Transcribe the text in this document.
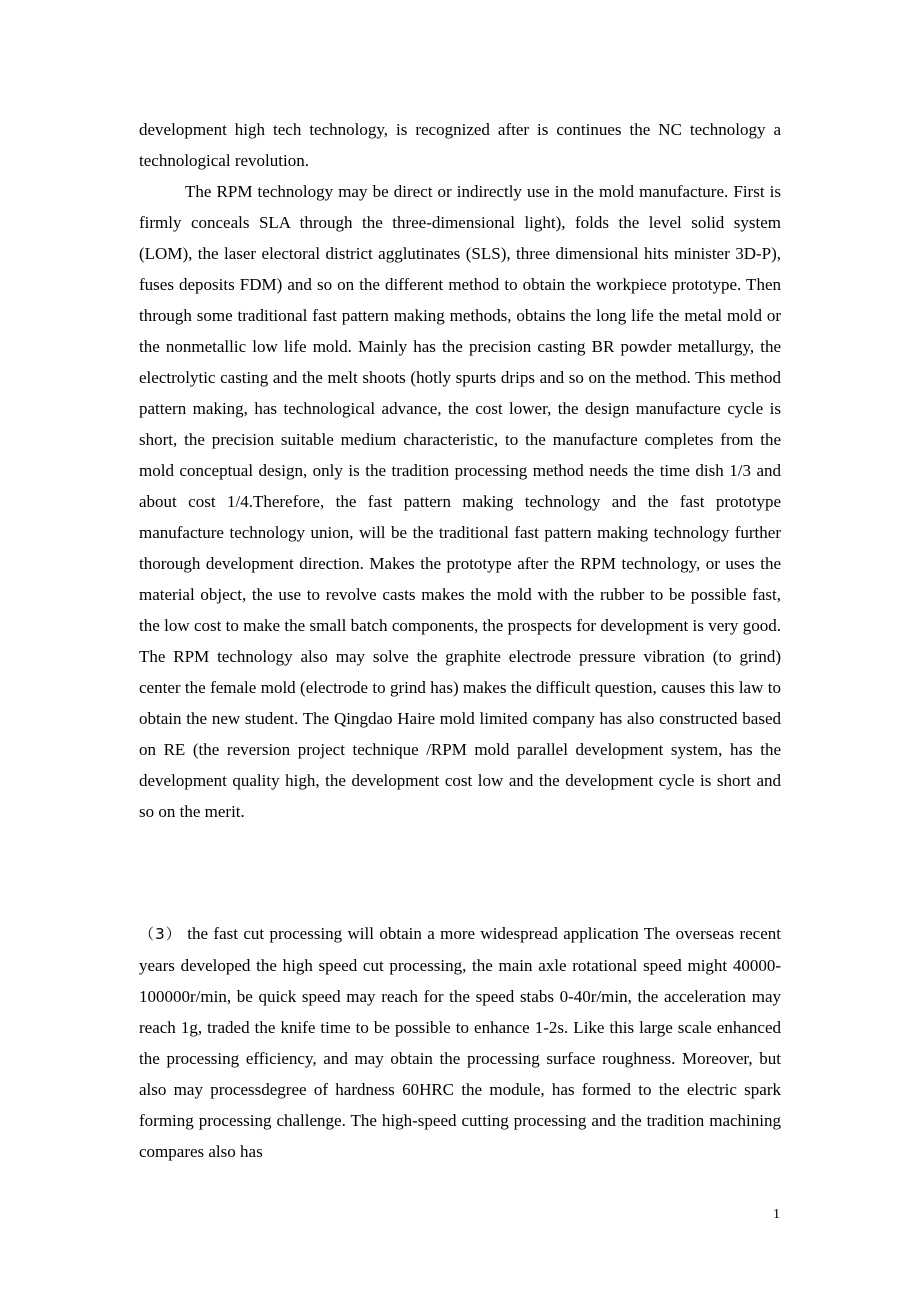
development high tech technology, is recognized after is continues the NC technology a technological revolution.

The RPM technology may be direct or indirectly use in the mold manufacture. First is firmly conceals SLA through the three-dimensional light), folds the level solid system (LOM), the laser electoral district agglutinates (SLS), three dimensional hits minister 3D-P), fuses deposits FDM) and so on the different method to obtain the workpiece prototype. Then through some traditional fast pattern making methods, obtains the long life the metal mold or the nonmetallic low life mold. Mainly has the precision casting BR powder metallurgy, the electrolytic casting and the melt shoots (hotly spurts drips and so on the method. This method pattern making, has technological advance, the cost lower, the design manufacture cycle is short, the precision suitable medium characteristic, to the manufacture completes from the mold conceptual design, only is the tradition processing method needs the time dish 1/3 and about cost 1/4.Therefore, the fast pattern making technology and the fast prototype manufacture technology union, will be the traditional fast pattern making technology further thorough development direction. Makes the prototype after the RPM technology, or uses the material object, the use to revolve casts makes the mold with the rubber to be possible fast, the low cost to make the small batch components, the prospects for development is very good. The RPM technology also may solve the graphite electrode pressure vibration (to grind) center the female mold (electrode to grind has) makes the difficult question, causes this law to obtain the new student. The Qingdao Haire mold limited company has also constructed based on RE (the reversion project technique /RPM mold parallel development system, has the development quality high, the development cost low and the development cycle is short and so on the merit.

（3） the fast cut processing will obtain a more widespread application The overseas recent years developed the high speed cut processing, the main axle rotational speed might 40000-100000r/min, be quick speed may reach for the speed stabs 0-40r/min, the acceleration may reach 1g, traded the knife time to be possible to enhance 1-2s. Like this large scale enhanced the processing efficiency, and may obtain the processing surface roughness. Moreover, but also may processdegree of hardness 60HRC the module, has formed to the electric spark forming processing challenge. The high-speed cutting processing and the tradition machining compares also has

1
